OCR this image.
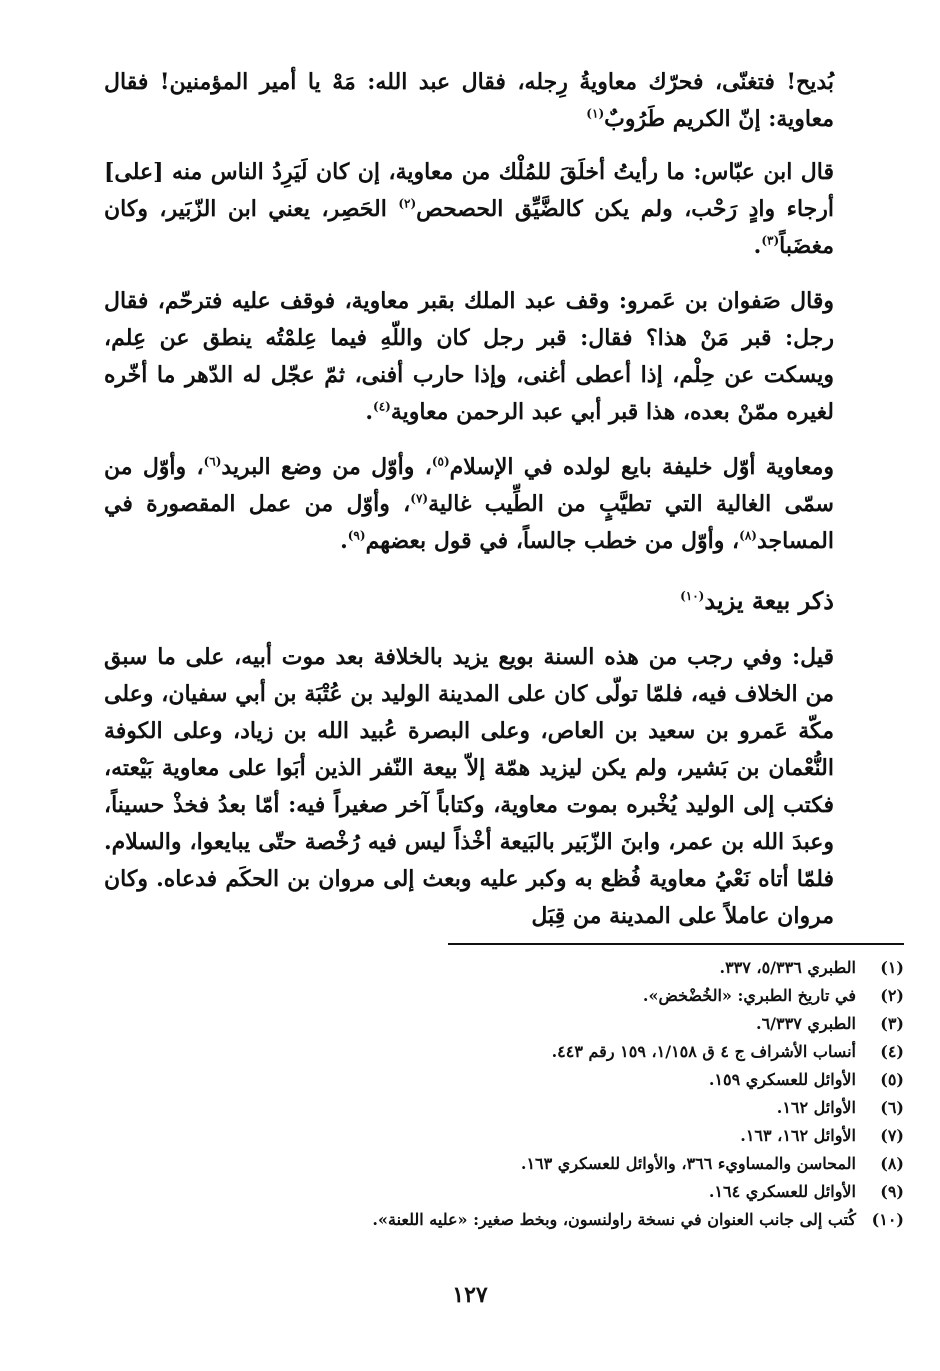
بُديح! فتغنّى، فحرّك معاويةُ رِجله، فقال عبد الله: مَهْ يا أمير المؤمنين! فقال معاوية: إنّ الكريم طَرُوبٌ$^{(١)}$

قال ابن عبّاس: ما رأيتُ أخلَقَ للمُلْك من معاوية، إن كان لَيَرِدُ الناس منه [على] أرجاء وادٍ رَحْب، ولم يكن كالضَّيِّق الحصحص$^{(٢)}$ الحَصِر، يعني ابن الزّبَير، وكان مغضَباً$^{(٣)}$.

وقال صَفوان بن عَمرو: وقف عبد الملك بقبر معاوية، فوقف عليه فترحّم، فقال رجل: قبر مَنْ هذا؟ فقال: قبر رجل كان واللّهِ فيما عِلمْتُه ينطق عن عِلم، ويسكت عن حِلْم، إذا أعطى أغنى، وإذا حارب أفنى، ثمّ عجّل له الدّهر ما أخّره لغيره ممّنْ بعده، هذا قبر أبي عبد الرحمن معاوية$^{(٤)}$.

ومعاوية أوّل خليفة بايع لولده في الإسلام$^{(٥)}$، وأوّل من وضع البريد$^{(٦)}$، وأوّل من سمّى الغالية التي تطيَّبٍ من الطِّيب غالية$^{(٧)}$، وأوّل من عمل المقصورة في المساجد$^{(٨)}$، وأوّل من خطب جالساً، في قول بعضهم$^{(٩)}$.

ذكر بيعة يزيد$^{(١٠)}$

قيل: وفي رجب من هذه السنة بويع يزيد بالخلافة بعد موت أبيه، على ما سبق من الخلاف فيه، فلمّا تولّى كان على المدينة الوليد بن عُتْبَة بن أبي سفيان، وعلى مكّة عَمرو بن سعيد بن العاص، وعلى البصرة عُبيد الله بن زياد، وعلى الكوفة النُّعْمان بن بَشير، ولم يكن ليزيد همّة إلاّ بيعة النّفر الذين أبَوا على معاوية بَيْعته، فكتب إلى الوليد يُخْبره بموت معاوية، وكتاباً آخر صغيراً فيه: أمّا بعدُ فخذْ حسيناً، وعبدَ الله بن عمر، وابنَ الزّبَير بالبَيعة أخْذاً ليس فيه رُخْصة حتّى يبايعوا، والسلام. فلمّا أتاه نَعْيُ معاوية فُظع به وكبر عليه وبعث إلى مروان بن الحكَم فدعاه. وكان مروان عاملاً على المدينة من قِبَل

(١)
الطبري ٥/٣٣٦، ٣٣٧.
(٢)
في تاريخ الطبري: «الخُضْخض».
(٣)
الطبري ٦/٣٣٧.
(٤)
أنساب الأشراف ج ٤ ق ١/١٥٨، ١٥٩ رقم ٤٤٣.
(٥)
الأوائل للعسكري ١٥٩.
(٦)
الأوائل ١٦٢.
(٧)
الأوائل ١٦٢، ١٦٣.
(٨)
المحاسن والمساويء ٣٦٦، والأوائل للعسكري ١٦٣.
(٩)
الأوائل للعسكري ١٦٤.
(١٠)
كُتب إلى جانب العنوان في نسخة راولنسون، وبخط صغير: «عليه اللعنة».
١٢٧
